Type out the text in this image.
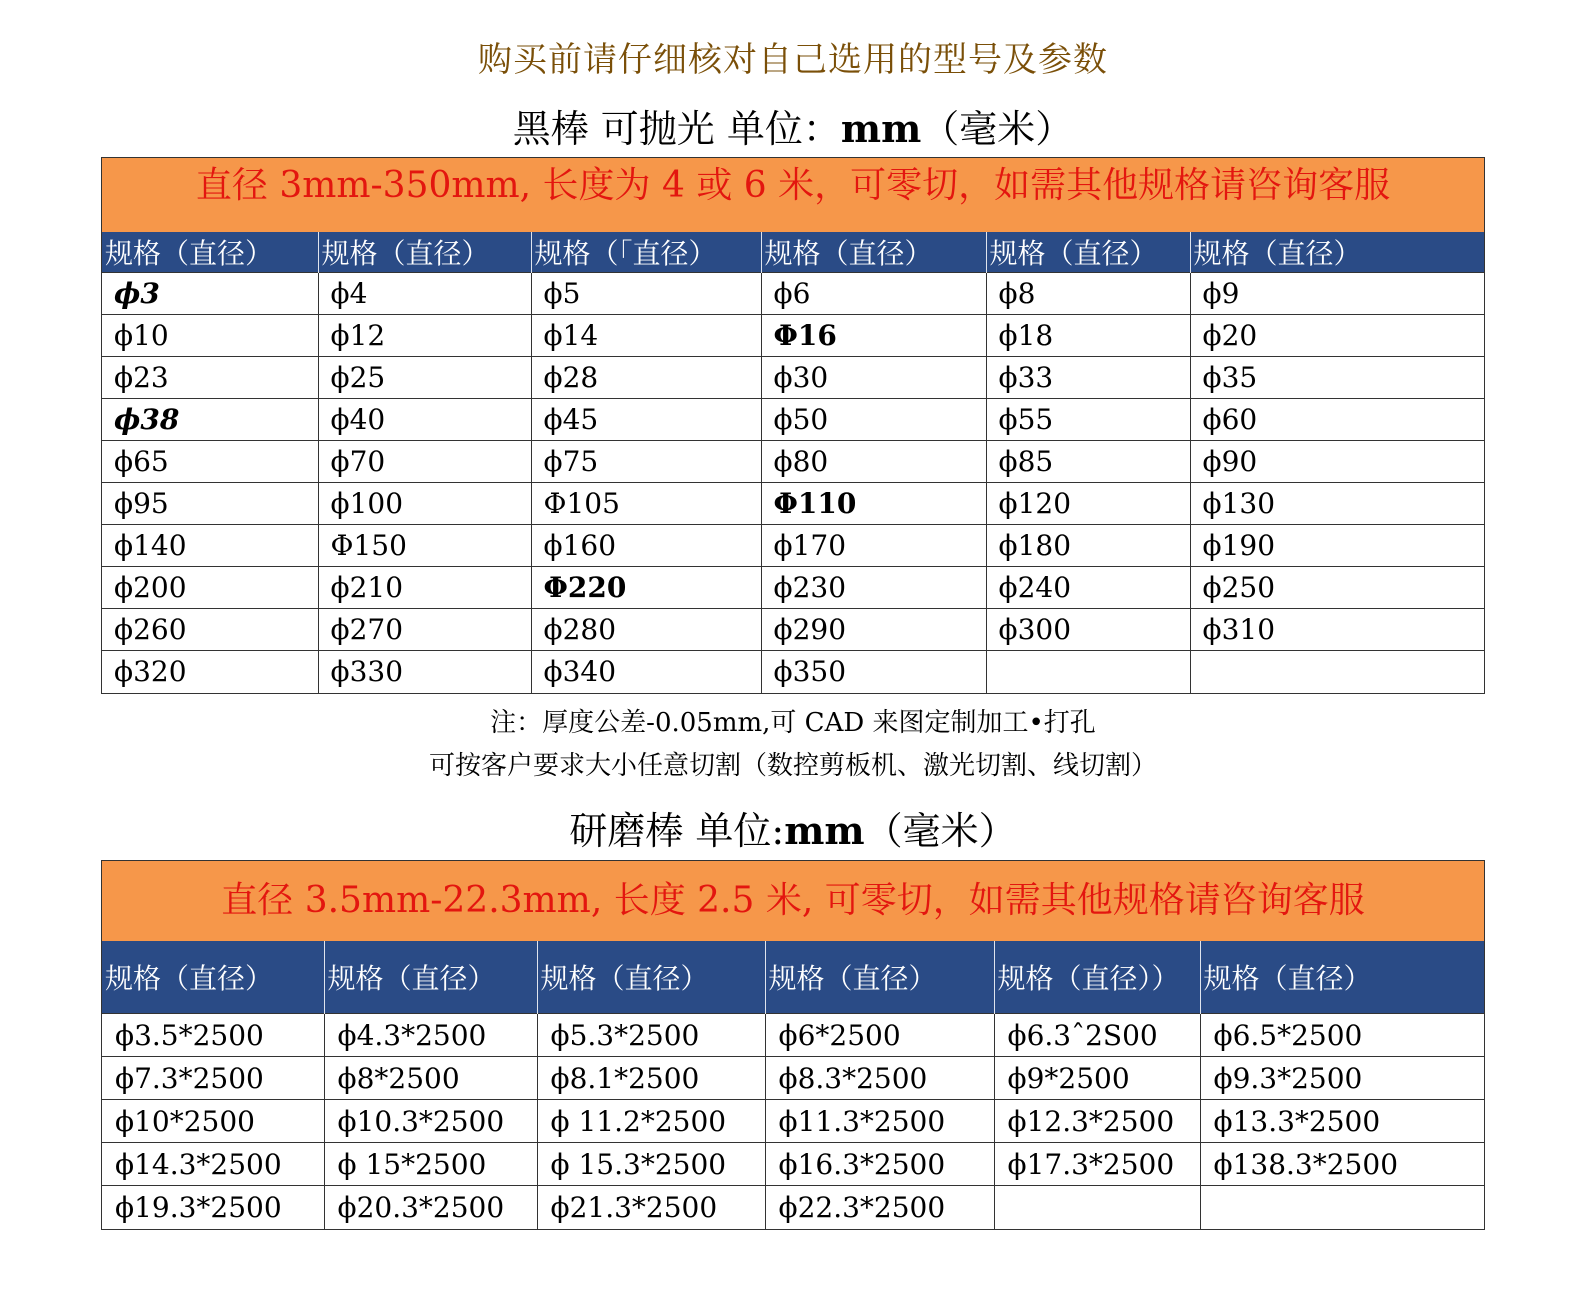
购买前请仔细核对自己选用的型号及参数
黑棒 可抛光 单位：mm（毫米）
直径 3mm-350mm, 长度为 4 或 6 米，可零切，如需其他规格请咨询客服
规格（直径）	规格（直径）	规格（「直径）	规格（直径）	规格（直径）	规格（直径）
ϕ3	ϕ4	ϕ5	ϕ6	ϕ8	ϕ9
ϕ10	ϕ12	ϕ14	Φ16	ϕ18	ϕ20
ϕ23	ϕ25	ϕ28	ϕ30	ϕ33	ϕ35
ϕ38	ϕ40	ϕ45	ϕ50	ϕ55	ϕ60
ϕ65	ϕ70	ϕ75	ϕ80	ϕ85	ϕ90
ϕ95	ϕ100	Φ105	Φ110	ϕ120	ϕ130
ϕ140	Φ150	ϕ160	ϕ170	ϕ180	ϕ190
ϕ200	ϕ210	Φ220	ϕ230	ϕ240	ϕ250
ϕ260	ϕ270	ϕ280	ϕ290	ϕ300	ϕ310
ϕ320	ϕ330	ϕ340	ϕ350		
注：厚度公差-0.05mm,可 CAD 来图定制加工•打孔
可按客户要求大小任意切割（数控剪板机、激光切割、线切割）
研磨棒 单位:mm（毫米）
直径 3.5mm-22.3mm, 长度 2.5 米, 可零切，如需其他规格请咨询客服
规格（直径）	规格（直径）	规格（直径）	规格（直径）	规格（直径））	规格（直径）
ϕ3.5*2500	ϕ4.3*2500	ϕ5.3*2500	ϕ6*2500	ϕ6.3ˆ2S00	ϕ6.5*2500
ϕ7.3*2500	ϕ8*2500	ϕ8.1*2500	ϕ8.3*2500	ϕ9*2500	ϕ9.3*2500
ϕ10*2500	ϕ10.3*2500	ϕ 11.2*2500	ϕ11.3*2500	ϕ12.3*2500	ϕ13.3*2500
ϕ14.3*2500	ϕ 15*2500	ϕ 15.3*2500	ϕ16.3*2500	ϕ17.3*2500	ϕ138.3*2500
ϕ19.3*2500	ϕ20.3*2500	ϕ21.3*2500	ϕ22.3*2500		
